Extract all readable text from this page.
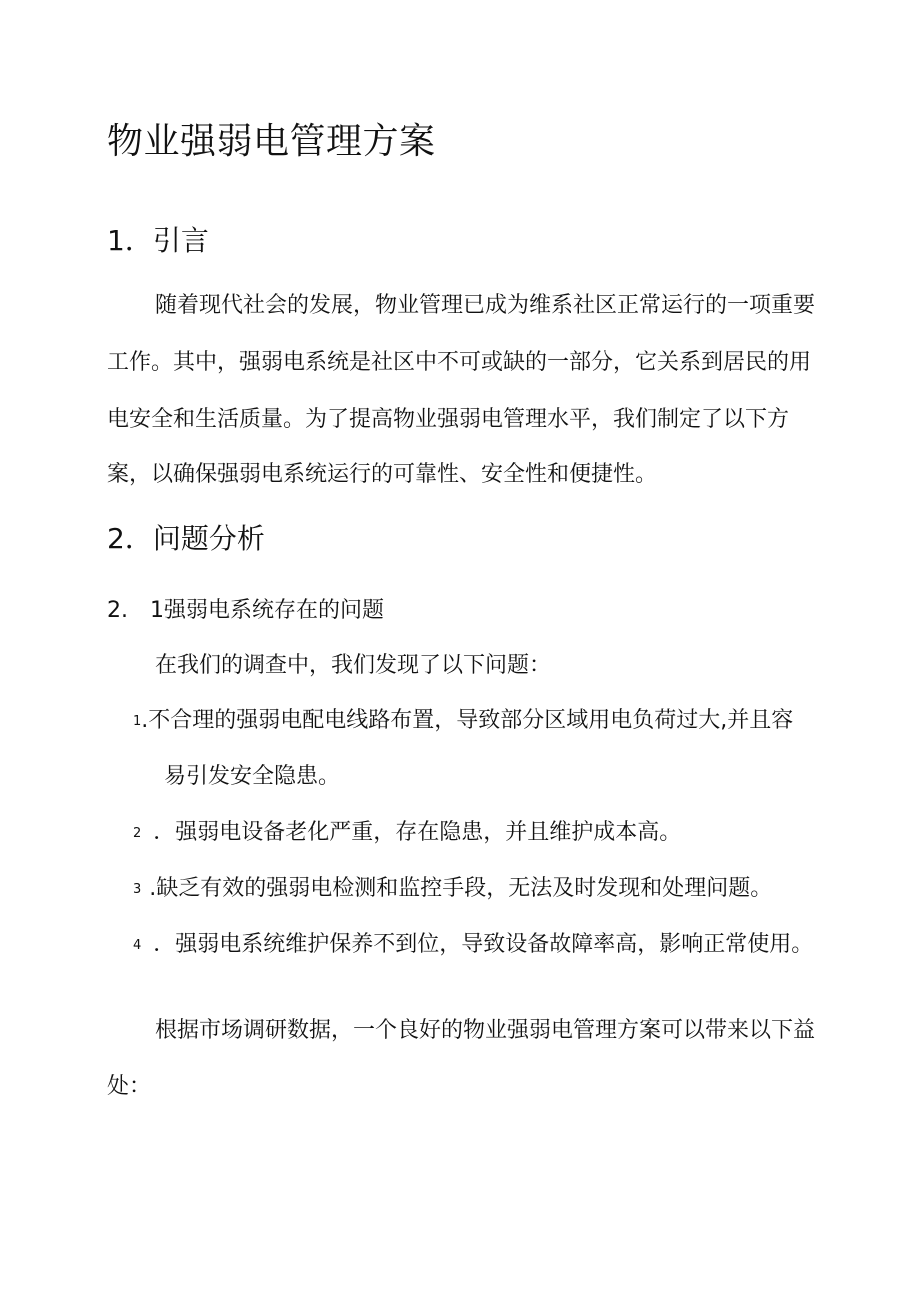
物业强弱电管理方案
1．引言

随着现代社会的发展，物业管理已成为维系社区正常运行的一项重要

工作。其中，强弱电系统是社区中不可或缺的一部分，它关系到居民的用

电安全和生活质量。为了提高物业强弱电管理水平，我们制定了以下方

案，以确保强弱电系统运行的可靠性、安全性和便捷性。

2．问题分析
2.　1强弱电系统存在的问题

在我们的调查中，我们发现了以下问题：

1.不合理的强弱电配电线路布置，导致部分区域用电负荷过大,并且容

易引发安全隐患。

2 ．强弱电设备老化严重，存在隐患，并且维护成本高。
3 .缺乏有效的强弱电检测和监控手段，无法及时发现和处理问题。
4 ．强弱电系统维护保养不到位，导致设备故障率高，影响正常使用。

根据市场调研数据，一个良好的物业强弱电管理方案可以带来以下益

处：
